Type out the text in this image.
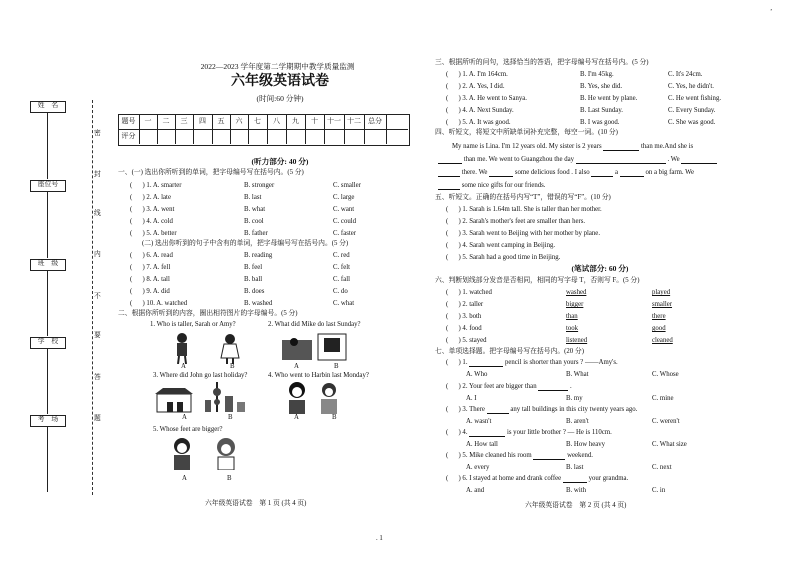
ʼ
姓　名
座位号
班　级
学　校
考　场
密
封
线
内
不
要
答
题
2022—2023 学年度第二学期期中教学质量监测
六年级英语试卷
(时间:60 分钟)
题号	一	二	三	四	五	六	七	八	九	十	十一 十二	总分
评分
(听力部分: 40 分)
一、(一) 选出你所听到的单词，把字母编号写在括号内。(5 分)
( 　 ) 1. A. smarter	B. stronger	C. smaller
( 　 ) 2. A. late	B. last	C. large
( 　 ) 3. A. went	B. what	C. want
( 　 ) 4. A. cold	B. cool	C. could
( 　 ) 5. A. better	B. father	C. faster
(二) 选出你听到的句子中含有的单词，把字母编号写在括号内。(5 分)
( 　 ) 6. A. read	B. reading	C. red
( 　 ) 7. A. fell	B. feel	C. felt
( 　 ) 8. A. tall	B. ball	C. fall
( 　 ) 9. A. did	B. does	C. do
( 　 ) 10. A. watched	B. washed	C. what
二、根据你所听到的内容，圈出相符图片的字母编号。(5 分)
1. Who is taller, Sarah or Amy?	2. What did Mike do last Sunday?
A	B	A	B
3. Where did John go last holiday?	4. Who went to Harbin last Monday?
A	B	A	B
5. Whose feet are bigger?
A	B
六年级英语试卷　第 1 页 (共 4 页)
三、根据所听的问句，选择恰当的答语，把字母编号写在括号内。(5 分)
( 　 ) 1. A. I'm 164cm.	B. I'm 45kg.	C. It's 24cm.
( 　 ) 2. A. Yes, I did.	B. Yes, she did.	C. Yes, he didn't.
( 　 ) 3. A. He went to Sanya.	B. He went by plane.	C. He went fishing.
( 　 ) 4. A. Next Sunday.	B. Last Sunday.	C. Every Sunday.
( 　 ) 5. A. It was good.	B. I was good.	C. She was good.
四、听短文，将短文中所缺单词补充完整，每空一词。(10 分)
My name is Lina. I'm 12 years old. My sister is 2 years	than me.And she is
than me. We went to Guangzhou the day	. We
there. We	some delicious food . I also	a	on a big farm. We
some nice gifts for our friends.
五、听短文。正确的在括号内写“T”，错误的写“F”。(10 分)
( 　 ) 1. Sarah is 1.64m tall. She is taller than her mother.
( 　 ) 2. Sarah's mother's feet are smaller than hers.
( 　 ) 3. Sarah went to Beijing with her mother by plane.
( 　 ) 4. Sarah went camping in Beijing.
( 　 ) 5. Sarah had a good time in Beijing.
(笔试部分: 60 分)
六、判断划线部分发音是否相同，相同的写字母 T，否则写 F。(5 分)
( 　 ) 1. watched	washed	played
( 　 ) 2. taller	bigger	smaller
( 　 ) 3. both	than	there
( 　 ) 4. food	took	good
( 　 ) 5. stayed	listened	cleaned
七、单项选择题。把字母编号写在括号内。(20 分)
( 　 ) 1.	pencil is shorter than yours ? ——Amy's.
A. Who	B. What	C. Whose
( 　 ) 2. Your feet are bigger than	.
A. I	B. my	C. mine
( 　 ) 3. There	any tall buildings in this city twenty years ago.
A. wasn't	B. aren't	C. weren't
( 　 ) 4.	is your little brother ? — He is 110cm.
A. How tall	B. How heavy	C. What size
( 　 ) 5. Mike cleaned his room	weekend.
A. every	B. last	C. next
( 　 ) 6. I stayed at home and drank coffee	your grandma.
A. and	B. with	C. in
六年级英语试卷　第 2 页 (共 4 页)
. 1
